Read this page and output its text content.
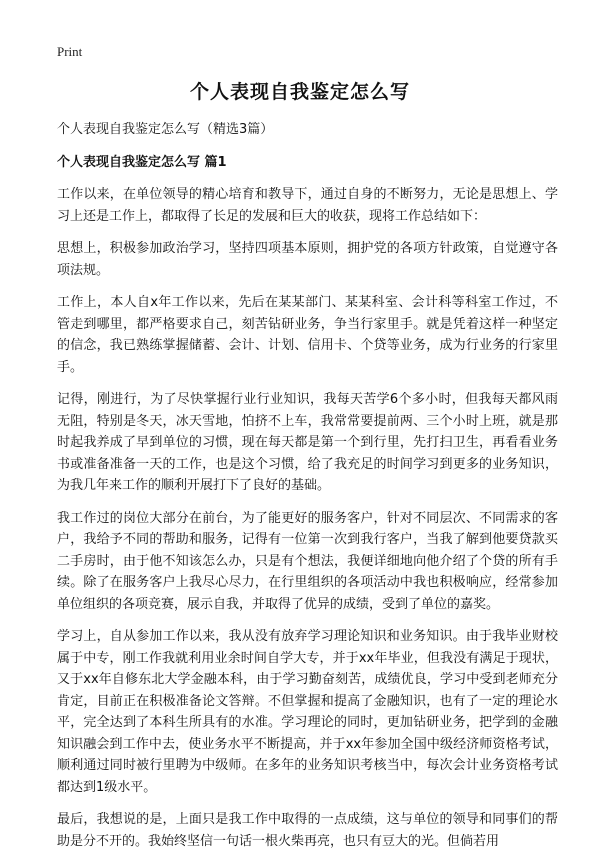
Print
个人表现自我鉴定怎么写

个人表现自我鉴定怎么写（精选3篇）

个人表现自我鉴定怎么写 篇1

工作以来，在单位领导的精心培育和教导下，通过自身的不断努力，无论是思想上、学习上还是工作上，都取得了长足的发展和巨大的收获，现将工作总结如下：

思想上，积极参加政治学习，坚持四项基本原则，拥护党的各项方针政策，自觉遵守各项法规。

工作上，本人自x年工作以来，先后在某某部门、某某科室、会计科等科室工作过，不管走到哪里，都严格要求自己，刻苦钻研业务，争当行家里手。就是凭着这样一种坚定的信念，我已熟练掌握储蓄、会计、计划、信用卡、个贷等业务，成为行业务的行家里手。

记得，刚进行，为了尽快掌握行业行业知识，我每天苦学6个多小时，但我每天都风雨无阻，特别是冬天，冰天雪地，怕挤不上车，我常常要提前两、三个小时上班，就是那时起我养成了早到单位的习惯，现在每天都是第一个到行里，先打扫卫生，再看看业务书或准备准备一天的工作，也是这个习惯，给了我充足的时间学习到更多的业务知识，为我几年来工作的顺利开展打下了良好的基础。

我工作过的岗位大部分在前台，为了能更好的服务客户，针对不同层次、不同需求的客户，我给予不同的帮助和服务，记得有一位第一次到我行客户，当我了解到他要贷款买二手房时，由于他不知该怎么办，只是有个想法，我便详细地向他介绍了个贷的所有手续。除了在服务客户上我尽心尽力，在行里组织的各项活动中我也积极响应，经常参加单位组织的各项竞赛，展示自我，并取得了优异的成绩，受到了单位的嘉奖。

学习上，自从参加工作以来，我从没有放弃学习理论知识和业务知识。由于我毕业财校属于中专，刚工作我就利用业余时间自学大专，并于xx年毕业，但我没有满足于现状，又于xx年自修东北大学金融本科，由于学习勤奋刻苦，成绩优良，学习中受到老师充分肯定，目前正在积极准备论文答辩。不但掌握和提高了金融知识，也有了一定的理论水平，完全达到了本科生所具有的水准。学习理论的同时，更加钻研业务，把学到的金融知识融会到工作中去，使业务水平不断提高，并于xx年参加全国中级经济师资格考试，顺利通过同时被行里聘为中级师。在多年的业务知识考核当中，每次会计业务资格考试都达到1级水平。

最后，我想说的是，上面只是我工作中取得的一点成绩，这与单位的领导和同事们的帮助是分不开的。我始终坚信一句话一根火柴再亮，也只有豆大的光。但倘若用
